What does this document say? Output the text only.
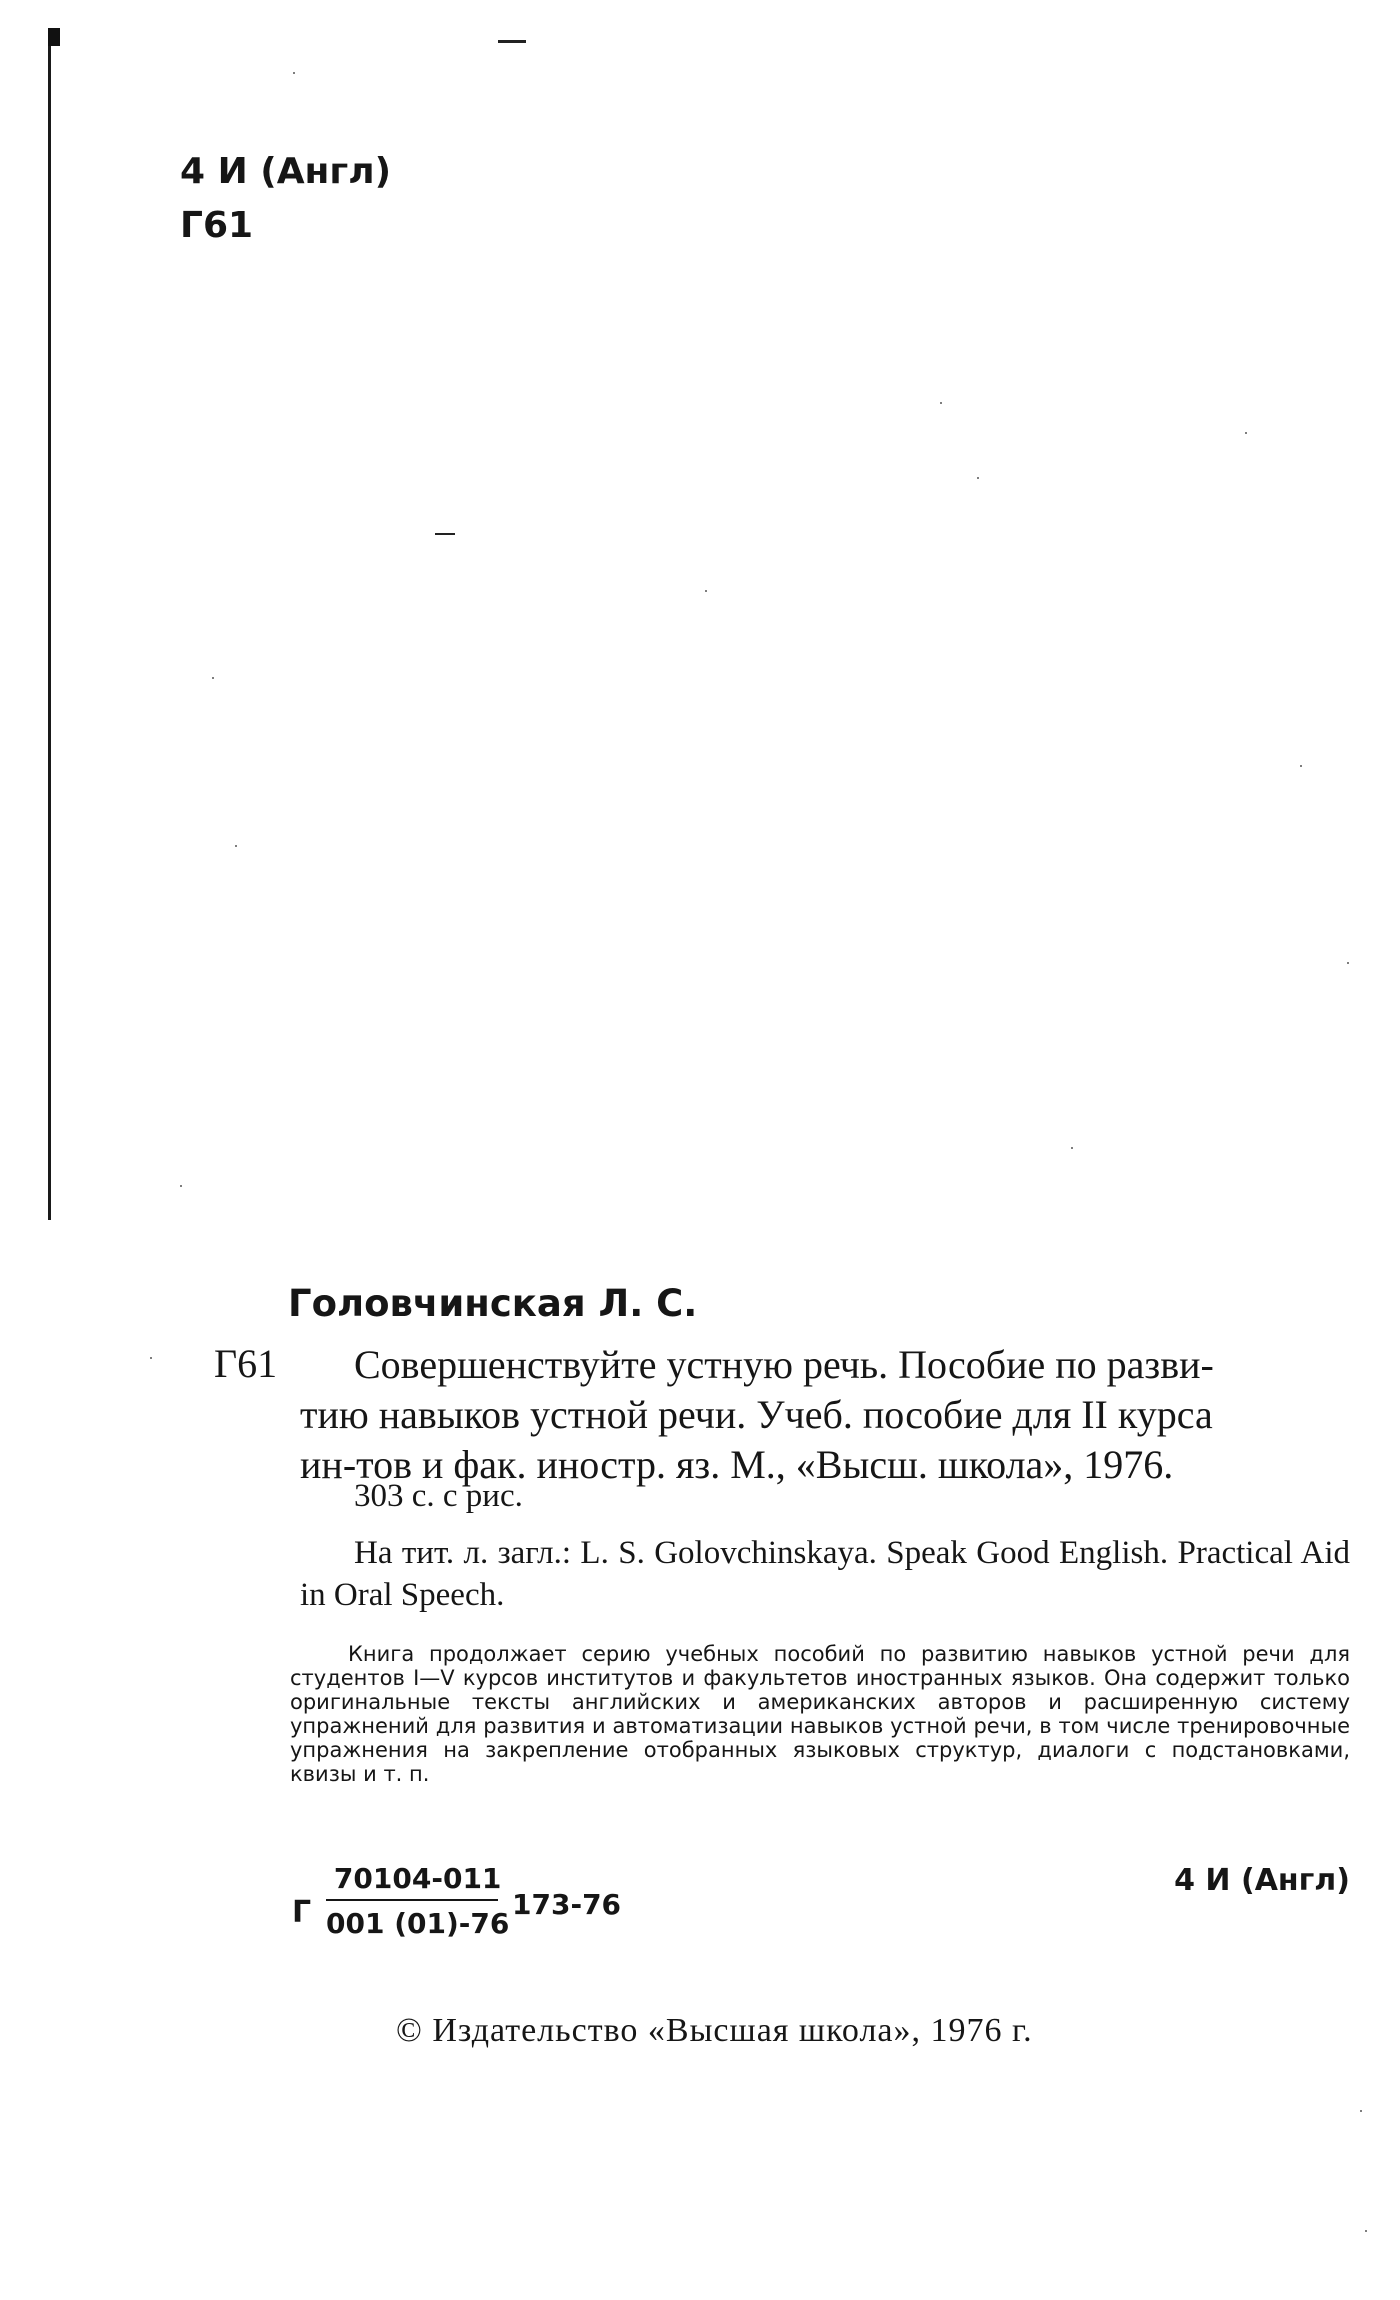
4 И (Англ)
Г61
Головчинская Л. С.
Г61	Совершенствуйте устную речь. Пособие по разви-
тию навыков устной речи. Учеб. пособие для II курса
ин-тов и фак. иностр. яз. М., «Высш. школа», 1976.
303 с. с рис.
На тит. л. загл.: L. S. Golovchinskaya. Speak Good English. Practical Aid in Oral Speech.
Книга продолжает серию учебных пособий по развитию навыков устной речи для студентов I—V курсов институтов и факультетов иностранных языков. Она содержит только оригинальные тексты английских и американских авторов и расширенную систему упражнений для развития и автоматизации навыков устной речи, в том числе тренировочные упражнения на закрепление отобранных языковых структур, диалоги с подстановками, квизы и т. п.
Г
70104-011
001 (01)-76
173-76
4 И (Англ)
© Издательство «Высшая школа», 1976 г.
